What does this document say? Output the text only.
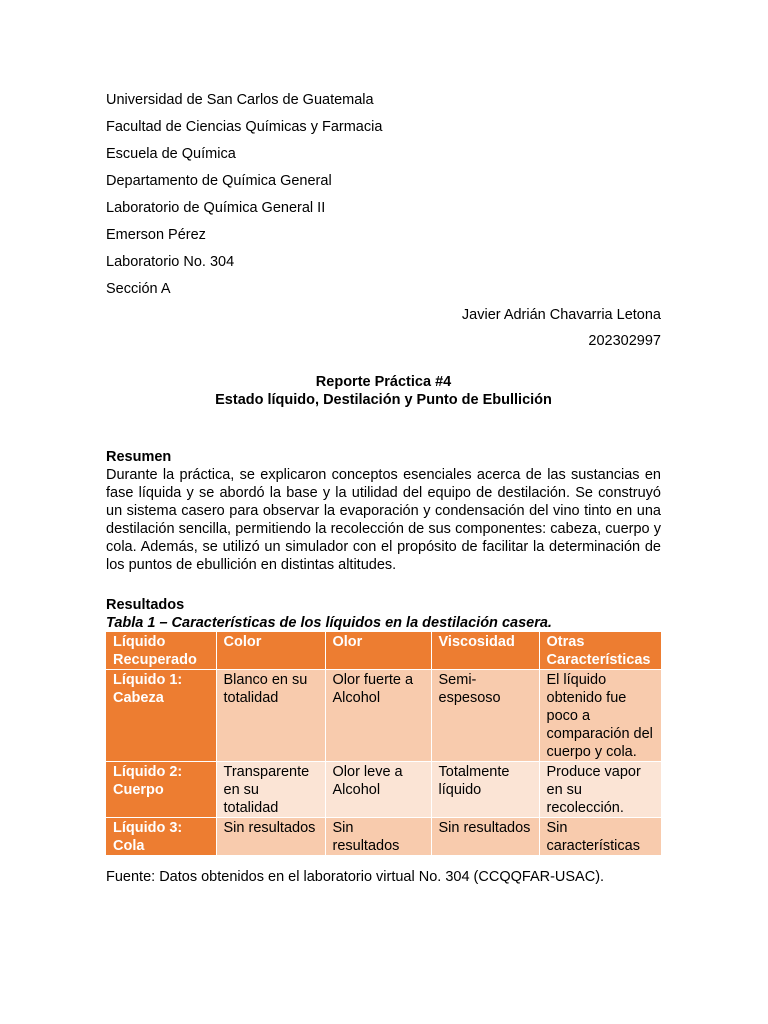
Universidad de San Carlos de Guatemala
Facultad de Ciencias Químicas y Farmacia
Escuela de Química
Departamento de Química General
Laboratorio de Química General II
Emerson Pérez
Laboratorio No. 304
Sección A
Javier Adrián Chavarria Letona
202302997
Reporte Práctica #4
Estado líquido, Destilación y Punto de Ebullición
Resumen

Durante la práctica, se explicaron conceptos esenciales acerca de las sustancias en fase líquida y se abordó la base y la utilidad del equipo de destilación. Se construyó un sistema casero para observar la evaporación y condensación del vino tinto en una destilación sencilla, permitiendo la recolección de sus componentes: cabeza, cuerpo y cola. Además, se utilizó un simulador con el propósito de facilitar la determinación de los puntos de ebullición en distintas altitudes.

Resultados
Tabla 1 – Características de los líquidos en la destilación casera.
Líquido Recuperado	Color	Olor	Viscosidad	Otras Características
Líquido 1: Cabeza	Blanco en su totalidad	Olor fuerte a Alcohol	Semi-espesoso	El líquido obtenido fue poco a comparación del cuerpo y cola.
Líquido 2: Cuerpo	Transparente en su totalidad	Olor leve a Alcohol	Totalmente líquido	Produce vapor en su recolección.
Líquido 3: Cola	Sin resultados	Sin resultados	Sin resultados	Sin características
Fuente: Datos obtenidos en el laboratorio virtual No. 304 (CCQQFAR-USAC).
